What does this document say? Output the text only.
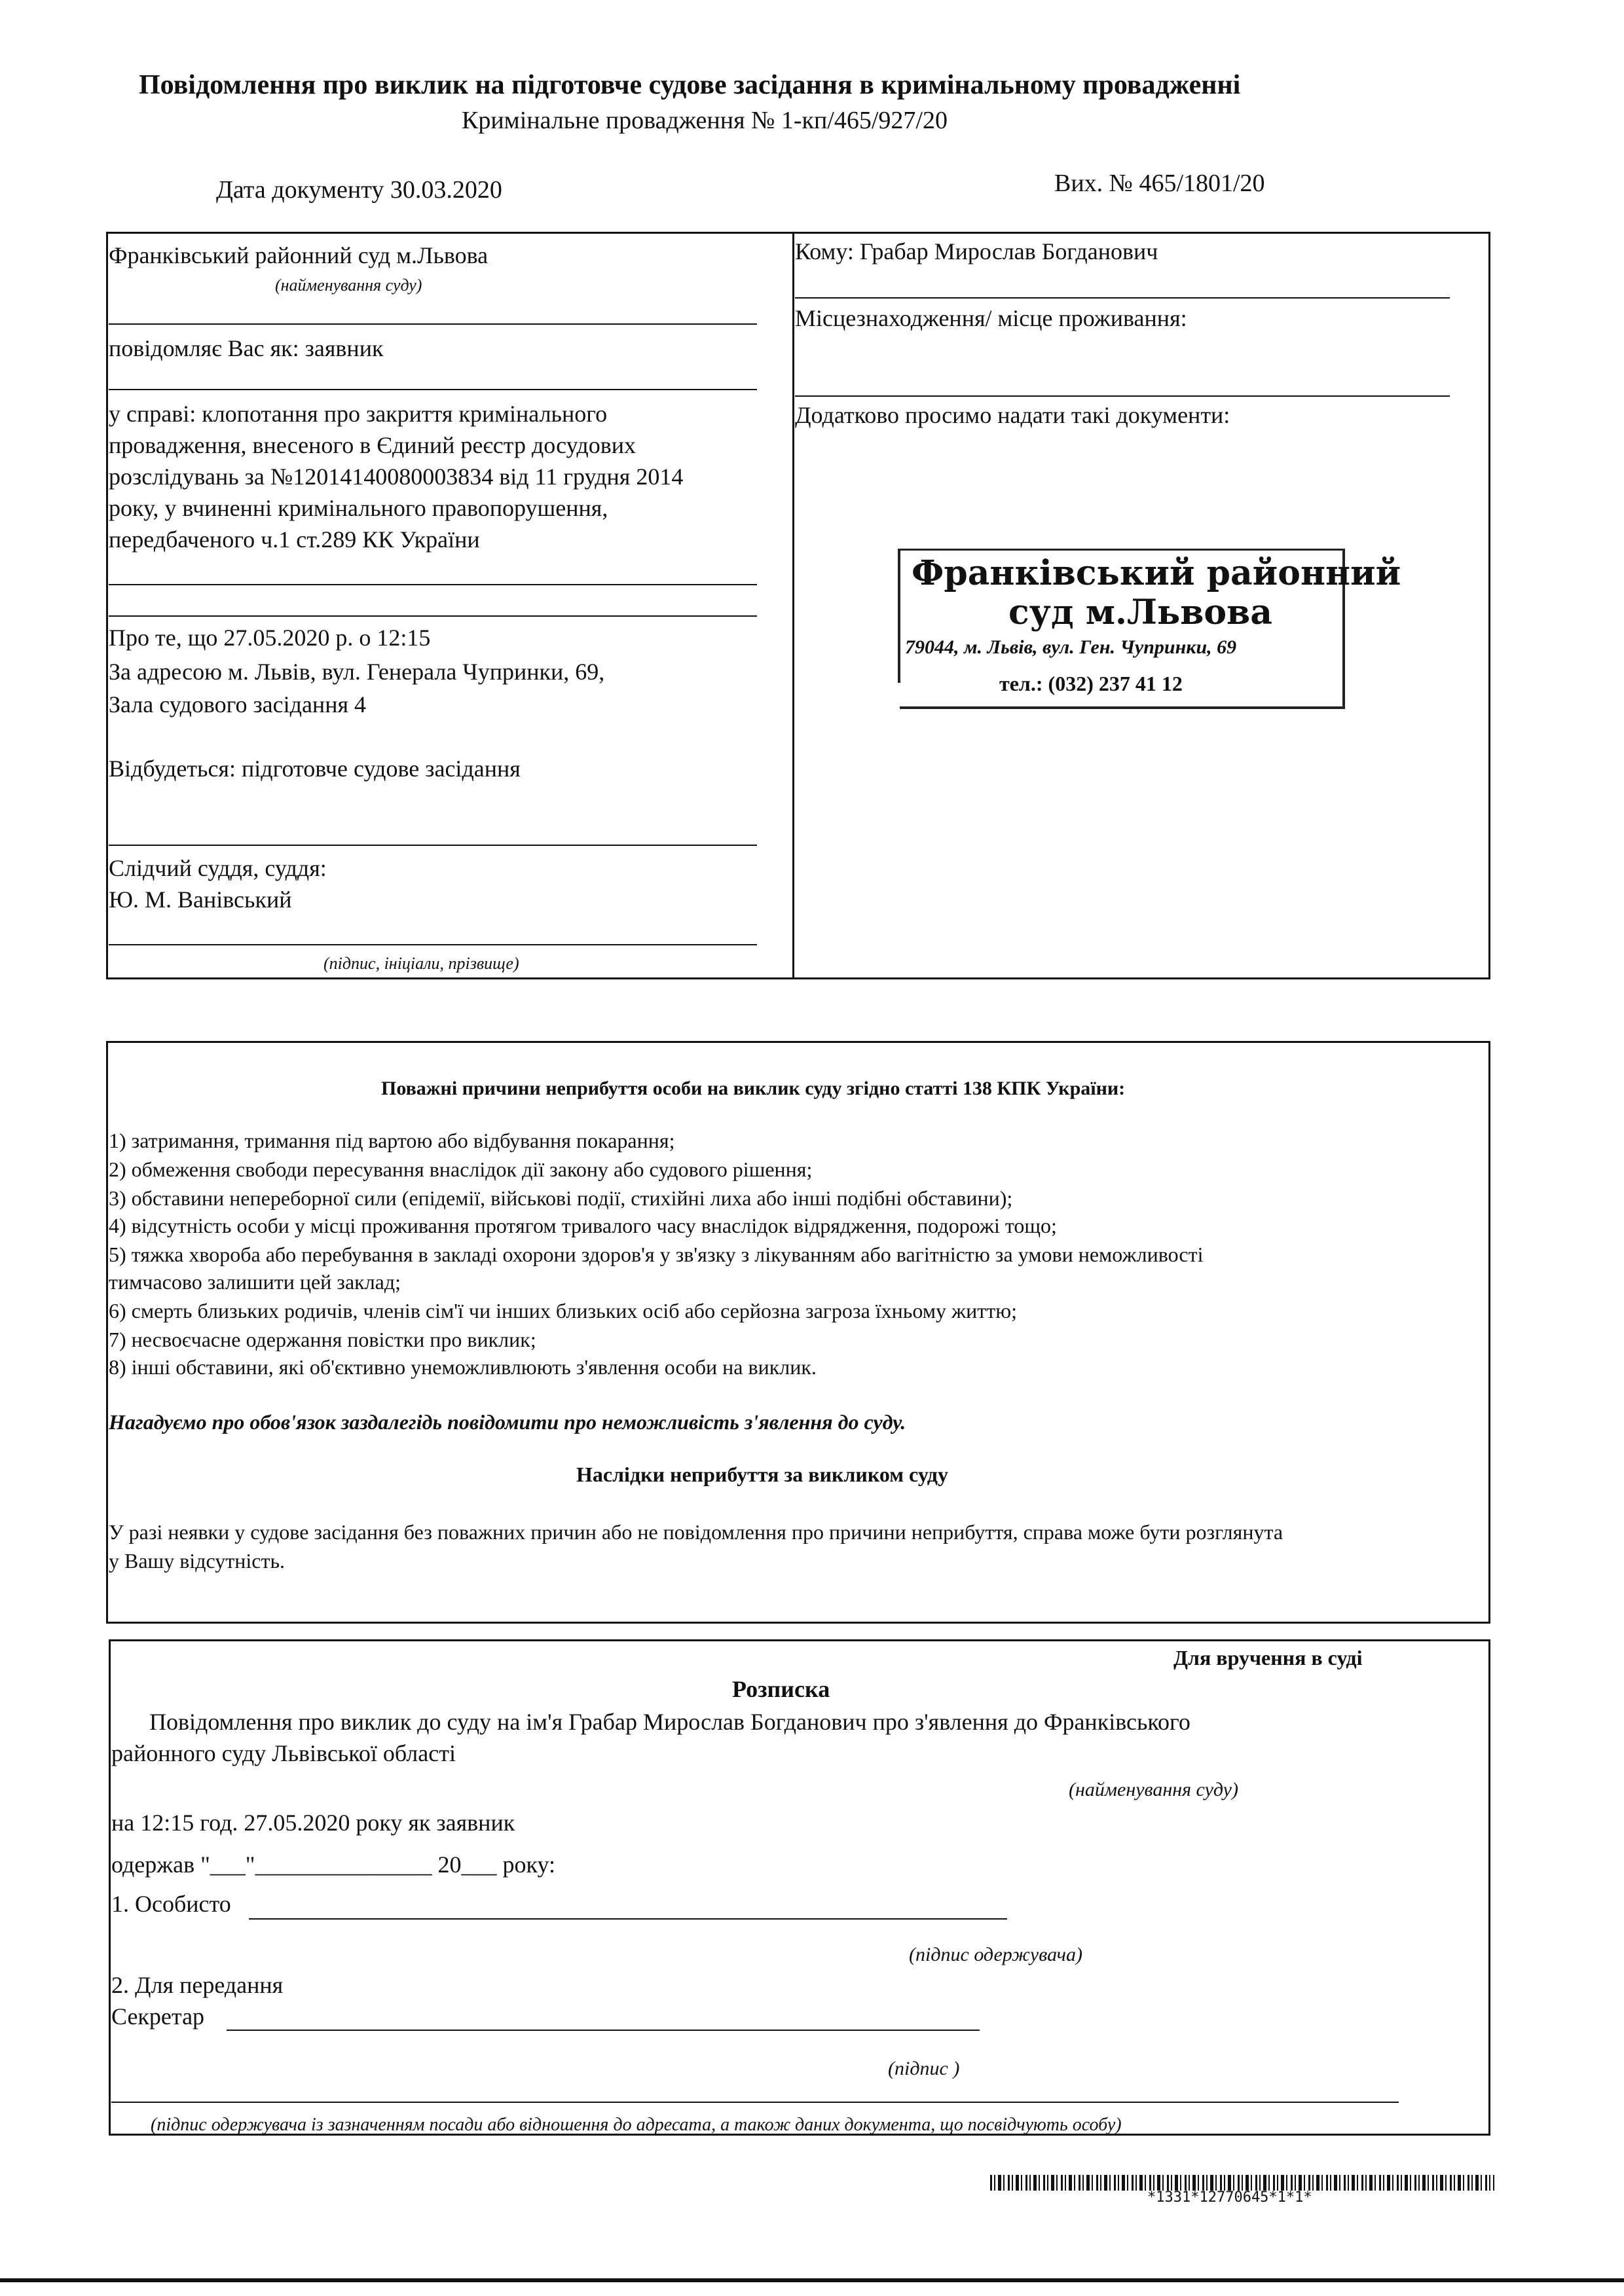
Повідомлення про виклик на підготовче судове засідання в кримінальному провадженні
Кримінальне провадження № 1-кп/465/927/20
Дата документу 30.03.2020	Вих. № 465/1801/20
Франківський районний суд м.Львова
(найменування суду)
повідомляє Вас як: заявник
у справі: клопотання про закриття кримінального
провадження, внесеного в Єдиний реєстр досудових
розслідувань за №12014140080003834 від 11 грудня 2014
року, у вчиненні кримінального правопорушення,
передбаченого ч.1 ст.289 КК України
Про те, що 27.05.2020 р. о 12:15
За адресою м. Львів, вул. Генерала Чупринки, 69,
Зала судового засідання 4
Відбудеться: підготовче судове засідання
Слідчий суддя, суддя:
Ю. М. Ванівський
(підпис, ініціали, прізвище)
Кому: Грабар Мирослав Богданович
Місцезнаходження/ місце проживання:
Додатково просимо надати такі документи:
Франківський районний
суд м.Львова
79044, м. Львів, вул. Ген. Чупринки, 69
тел.: (032) 237 41 12
Поважні причини неприбуття особи на виклик суду згідно статті 138 КПК України:
1) затримання, тримання під вартою або відбування покарання;
2) обмеження свободи пересування внаслідок дії закону або судового рішення;
3) обставини непереборної сили (епідемії, військові події, стихійні лиха або інші подібні обставини);
4) відсутність особи у місці проживання протягом тривалого часу внаслідок відрядження, подорожі тощо;
5) тяжка хвороба або перебування в закладі охорони здоров'я у зв'язку з лікуванням або вагітністю за умови неможливості
тимчасово залишити цей заклад;
6) смерть близьких родичів, членів сім'ї чи інших близьких осіб або серйозна загроза їхньому життю;
7) несвоєчасне одержання повістки про виклик;
8) інші обставини, які об'єктивно унеможливлюють з'явлення особи на виклик.
Нагадуємо про обов'язок заздалегідь повідомити про неможливість з'явлення до суду.
Наслідки неприбуття за викликом суду
У разі неявки у судове засідання без поважних причин або не повідомлення про причини неприбуття, справа може бути розглянута
у Вашу відсутність.
Для вручення в суді
Розписка
Повідомлення про виклик до суду на ім'я Грабар Мирослав Богданович про з'явлення до Франківського
районного суду Львівської області
(найменування суду)
на 12:15 год. 27.05.2020 року як заявник
одержав "___"_______________ 20___ року:
1. Особисто
(підпис одержувача)
2. Для передання
Секретар
(підпис )
(підпис одержувача із зазначенням посади або відношення до адресата, а також даних документа, що посвідчують особу)
*1331*12770645*1*1*
